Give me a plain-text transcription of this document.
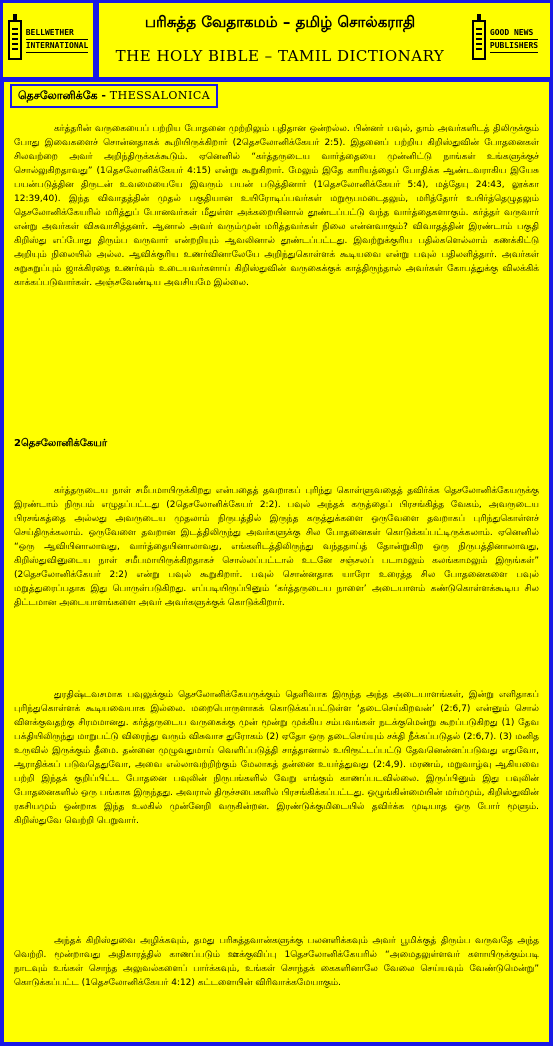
BELLWETHER
INTERNATIONAL
பரிசுத்த வேதாகமம் – தமிழ் சொல்கராதி
THE HOLY BIBLE – TAMIL DICTIONARY
GOOD NEWS
PUBLISHERS
தெசலோனிக்கே - THESSALONICA

கர்த்தரின் வருகையைப் பற்றிய போதனை முற்றிலும் புதிதான ஒன்றல்ல. பின்னர் பவுல், தாம் அவர்களிடத் திலிருக்கும் போது இவைகளைச் சொன்னதாகக் கூறியிருக்கிறார் (2தெசலோனிக்கேயர் 2:5). இதனைப் பற்றிய கிறிஸ்துவின் போதனைகள் சிலவற்றை அவர் அறிந்திருக்கக்கூடும். ஏனெனில் “கர்த்தருடைய வார்த்தையை முன்னிட்டு நாங்கள் உங்களுக்குச் சொல்லுகிறதாவது” (1தெசலோனிக்கேயர் 4:15) என்று கூறுகிறார். மேலும் இதே காரியத்தைப் போதிக்க ஆண்டவராகிய இயேசு பயன்படுத்தின திருடன் உவமையையே இவரும் பயன் படுத்தினார் (1தெசலோனிக்கேயர் 5:4), மத்தேயு 24:43, லூக்கா 12:39,40). இந்த விவாதத்தின் முதல் பகுதியான உயிரோடிப்பவர்கள் மறுரூபமடைதலும், மரித்தோர் உயிர்த்தெழுதலும் தெசலோனிக்கேயரில் மரித்துப் போனவர்கள் மீதுள்ள அக்கறையினால் தூண்டப்பட்டு வந்த வார்த்தைகளாகும். கர்த்தர் வருவார் என்று அவர்கள் விசுவாசித்தனர். ஆனால் அவர் வரும்முன் மரித்தவர்கள் நிலை என்னவாகும்? விவாதத்தின் இரண்டாம் பகுதி கிறிஸ்து எப்போது திரும்ப வருவார் என்றறியும் ஆவலினால் தூண்டப்பட்டது. இவற்றுக்குரிய பதில்களெல்லாம் கணக்கிட்டு அறியும் நிலையில் அல்ல. ஆவிக்குரிய உணர்வினாலேயே அறிந்துகொள்ளக் கூடியவை என்று பவுல் பதிலளித்தார். அவர்கள் சுறுசுறுப்பும் ஜாக்கிரதை உணர்வும் உடையவர்களாய் கிறிஸ்துவின் வருகைக்குக் காத்திருந்தால் அவர்கள் கோபத்துக்கு விலக்கிக் காக்கப்படுவார்கள். அஞ்சவேண்டிய அவசியமே இல்லை.

2தெசலோனிக்கேயர்

கர்த்தருடைய நாள் சமீபமாயிருக்கிறது என்பதைத் தவறாகப் புரிந்து கொள்ளுவதைத் தவிர்க்க தெசலோனிக்கேயருக்கு இரண்டாம் நிருபம் எழுதப்பட்டது (2தெசலோனிக்கேயர் 2:2). பவுல் அந்தக் கருத்தைப் பிரசங்கித்த வேகம், அவருடைய பிரசங்கத்தை அல்லது அவருடைய முதலாம் நிருபத்தில் இருந்த கருத்துக்களை ஒருவேளை தவறாகப் புரிந்துகொள்ளச் செய்திருக்கலாம். ஒருவேளை தவறான இடத்திலிருந்து அவர்களுக்கு சில போதனைகள் கொடுக்கப்பட்டிருக்கலாம். ஏனெனில் “ஒரு ஆவியினாலாவது, வார்த்தையினாலாவது, எங்களிடத்திலிருந்து வந்ததாய்த் தோன்றுகிற ஒரு நிருபத்தினாலாவது, கிறிஸ்துவினுடைய நாள் சமீபமாயிருக்கிறதாகச் சொல்லப்பட்டால் உடனே சஞ்சலப் படாமலும் கலங்காமலும் இருங்கள்” (2தெசலோனிக்கேயர் 2:2) என்று பவுல் கூறுகிறார். பவுல் சொன்னதாக யாரோ உரைத்த சில போதனைகளை பவுல் மறுத்துரைப்பதாக இது பொருள்படுகிறது. எப்படியிருப்பினும் ‘கர்த்தருடைய நாளை’ அடையாளம் கண்டுகொள்ளக்கூடிய சில திட்டமான அடையாளங்களை அவர் அவர்களுக்குக் கொடுக்கிறார்.

துரதிஷ்டவசமாக பவுலுக்கும் தெசலோனிக்கேயருக்கும் தெளிவாக இருந்த அந்த அடையாளங்கள், இன்று எளிதாகப் புரிந்துகொள்ளக் கூடியவையாக இல்லை. மறைபொருளாகக் கொடுக்கப்பட்டுள்ள ‘தடைசெய்கிறவன்’ (2:6,7) என்னும் சொல் விளக்குவதற்கு சிரமமானது. கர்த்தருடைய வருகைக்கு முன் மூன்று முக்கிய சம்பவங்கள் நடக்குமென்று கூறப்படுகிறது (1) தேவ பக்தியிலிருந்து மாறுபட்டு விரைந்து வரும் விசுவாச துரோகம் (2) ஏதோ ஒரு தடைசெய்யும் சக்தி நீக்கப்படுதல் (2:6,7). (3) மனித உருவில் இருக்கும் தீமை. தன்னை முழுவதுமாய் வெளிப்படுத்தி சாத்தானால் உயிரூட்டப்பட்டு தேவனென்னப்படுவது எதுவோ, ஆராதிக்கப் படுவதெதுவோ, அவை எல்லாவற்றிற்கும் மேலாகத் தன்னை உயர்த்துவது (2:4,9). மரணம், மறுவாழ்வு ஆகியவை பற்றி இந்தக் குறிப்பிட்ட போதனை பவுலின் நிருபங்களில் வேறு எங்கும் காணப்படவில்லை. இருப்பினும் இது பவுலின் போதனைகளில் ஒரு பங்காக இருந்தது. அவரால் திருச்சபைகளில் பிரசங்கிக்கப்பட்டது. ஒழுங்கின்மையின் மர்மமும், கிறிஸ்துவின் ரகசியமும் ஒன்றாக இந்த உலகில் முன்னேறி வருகின்றன. இரண்டுக்குமிடையில் தவிர்க்க முடியாத ஒரு போர் மூளும். கிறிஸ்துவே வெற்றி பெறுவார்.

அந்தக் கிறிஸ்துவை அழிக்கவும், தமது பரிசுத்தவான்களுக்கு பலனளிக்கவும் அவர் பூமிக்குத் திரும்ப வருவதே அந்த வெற்றி. மூன்றாவது அதிகாரத்தில் காணப்படும் ஊக்குவிப்பு 1தெசலோனிக்கேயரில் “அமைதலுள்ளவர் களாயிருக்கும்படி நாடவும் உங்கள் சொந்த அலுவல்களைப் பார்க்கவும், உங்கள் சொந்தக் கைகளினாலே வேலை செய்யவும் வேண்டுமென்று” கொடுக்கப்பட்ட (1தெசலோனிக்கேயர் 4:12) கட்டளையின் விரிவாக்கமேயாகும்.
